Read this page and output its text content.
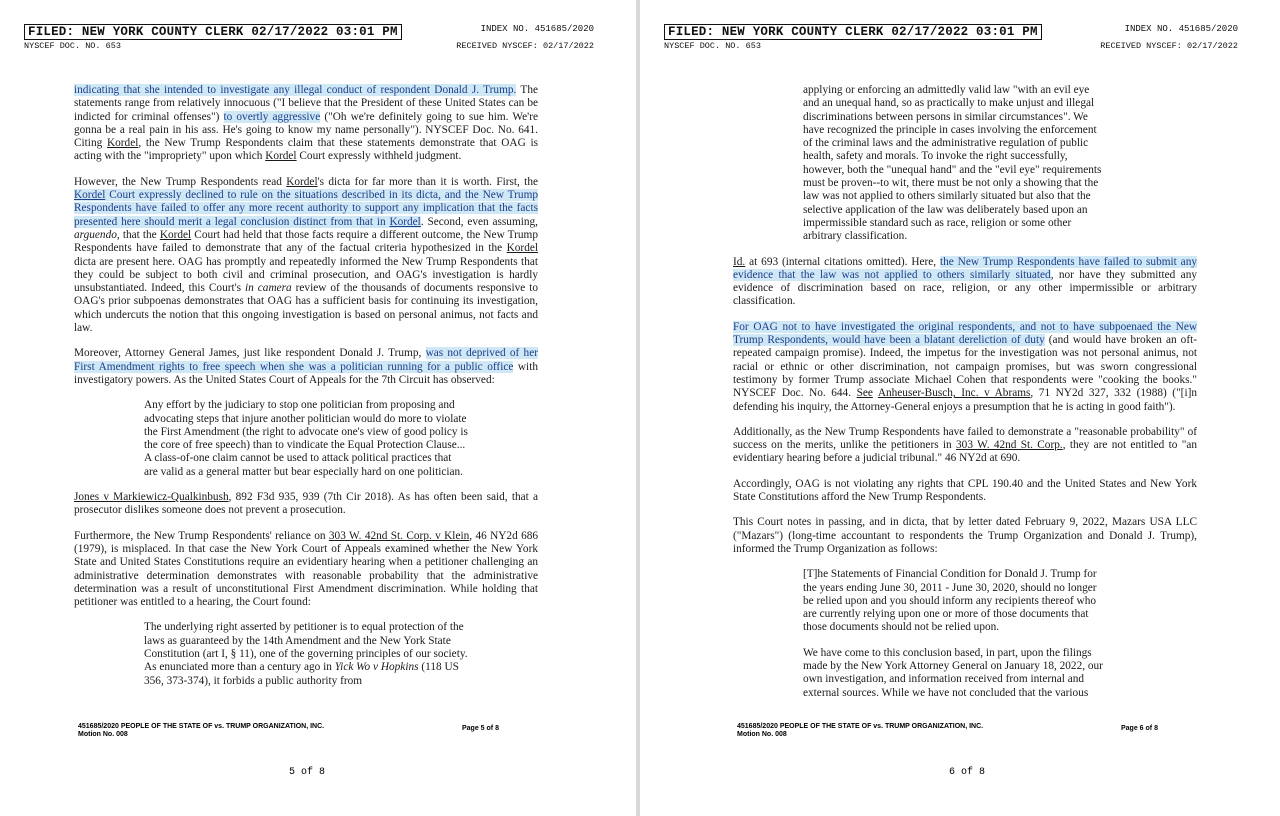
FILED: NEW YORK COUNTY CLERK 02/17/2022 03:01 PM
NYSCEF DOC. NO. 653
INDEX NO. 451685/2020
RECEIVED NYSCEF: 02/17/2022

indicating that she intended to investigate any illegal conduct of respondent Donald J. Trump. The statements range from relatively innocuous ("I believe that the President of these United States can be indicted for criminal offenses") to overtly aggressive ("Oh we're definitely going to sue him. We're gonna be a real pain in his ass. He's going to know my name personally"). NYSCEF Doc. No. 641. Citing Kordel, the New Trump Respondents claim that these statements demonstrate that OAG is acting with the "impropriety" upon which Kordel Court expressly withheld judgment.

However, the New Trump Respondents read Kordel's dicta for far more than it is worth. First, the Kordel Court expressly declined to rule on the situations described in its dicta, and the New Trump Respondents have failed to offer any more recent authority to support any implication that the facts presented here should merit a legal conclusion distinct from that in Kordel. Second, even assuming, arguendo, that the Kordel Court had held that those facts require a different outcome, the New Trump Respondents have failed to demonstrate that any of the factual criteria hypothesized in the Kordel dicta are present here. OAG has promptly and repeatedly informed the New Trump Respondents that they could be subject to both civil and criminal prosecution, and OAG's investigation is hardly unsubstantiated. Indeed, this Court's in camera review of the thousands of documents responsive to OAG's prior subpoenas demonstrates that OAG has a sufficient basis for continuing its investigation, which undercuts the notion that this ongoing investigation is based on personal animus, not facts and law.

Moreover, Attorney General James, just like respondent Donald J. Trump, was not deprived of her First Amendment rights to free speech when she was a politician running for a public office with investigatory powers. As the United States Court of Appeals for the 7th Circuit has observed:

Any effort by the judiciary to stop one politician from proposing and advocating steps that injure another politician would do more to violate the First Amendment (the right to advocate one's view of good policy is the core of free speech) than to vindicate the Equal Protection Clause... A class-of-one claim cannot be used to attack political practices that are valid as a general matter but bear especially hard on one politician.

Jones v Markiewicz-Qualkinbush, 892 F3d 935, 939 (7th Cir 2018). As has often been said, that a prosecutor dislikes someone does not prevent a prosecution.

Furthermore, the New Trump Respondents' reliance on 303 W. 42nd St. Corp. v Klein, 46 NY2d 686 (1979), is misplaced. In that case the New York Court of Appeals examined whether the New York State and United States Constitutions require an evidentiary hearing when a petitioner challenging an administrative determination demonstrates with reasonable probability that the administrative determination was a result of unconstitutional First Amendment discrimination. While holding that petitioner was entitled to a hearing, the Court found:

The underlying right asserted by petitioner is to equal protection of the laws as guaranteed by the 14th Amendment and the New York State Constitution (art I, § 11), one of the governing principles of our society. As enunciated more than a century ago in Yick Wo v Hopkins (118 US 356, 373-374), it forbids a public authority from
451685/2020 PEOPLE OF THE STATE OF vs. TRUMP ORGANIZATION, INC.
Motion No. 008
Page 5 of 8
5 of 8
FILED: NEW YORK COUNTY CLERK 02/17/2022 03:01 PM
NYSCEF DOC. NO. 653
INDEX NO. 451685/2020
RECEIVED NYSCEF: 02/17/2022
applying or enforcing an admittedly valid law "with an evil eye and an unequal hand, so as practically to make unjust and illegal discriminations between persons in similar circumstances". We have recognized the principle in cases involving the enforcement of the criminal laws and the administrative regulation of public health, safety and morals. To invoke the right successfully, however, both the "unequal hand" and the "evil eye" requirements must be proven--to wit, there must be not only a showing that the law was not applied to others similarly situated but also that the selective application of the law was deliberately based upon an impermissible standard such as race, religion or some other arbitrary classification.

Id. at 693 (internal citations omitted). Here, the New Trump Respondents have failed to submit any evidence that the law was not applied to others similarly situated, nor have they submitted any evidence of discrimination based on race, religion, or any other impermissible or arbitrary classification.

For OAG not to have investigated the original respondents, and not to have subpoenaed the New Trump Respondents, would have been a blatant dereliction of duty (and would have broken an oft-repeated campaign promise). Indeed, the impetus for the investigation was not personal animus, not racial or ethnic or other discrimination, not campaign promises, but was sworn congressional testimony by former Trump associate Michael Cohen that respondents were "cooking the books." NYSCEF Doc. No. 644. See Anheuser-Busch, Inc. v Abrams, 71 NY2d 327, 332 (1988) ("[i]n defending his inquiry, the Attorney-General enjoys a presumption that he is acting in good faith").

Additionally, as the New Trump Respondents have failed to demonstrate a "reasonable probability" of success on the merits, unlike the petitioners in 303 W. 42nd St. Corp., they are not entitled to "an evidentiary hearing before a judicial tribunal." 46 NY2d at 690.

Accordingly, OAG is not violating any rights that CPL 190.40 and the United States and New York State Constitutions afford the New Trump Respondents.

This Court notes in passing, and in dicta, that by letter dated February 9, 2022, Mazars USA LLC ("Mazars") (long-time accountant to respondents the Trump Organization and Donald J. Trump), informed the Trump Organization as follows:

[T]he Statements of Financial Condition for Donald J. Trump for the years ending June 30, 2011 - June 30, 2020, should no longer be relied upon and you should inform any recipients thereof who are currently relying upon one or more of those documents that those documents should not be relied upon.
We have come to this conclusion based, in part, upon the filings made by the New York Attorney General on January 18, 2022, our own investigation, and information received from internal and external sources. While we have not concluded that the various
451685/2020 PEOPLE OF THE STATE OF vs. TRUMP ORGANIZATION, INC.
Motion No. 008
Page 6 of 8
6 of 8
